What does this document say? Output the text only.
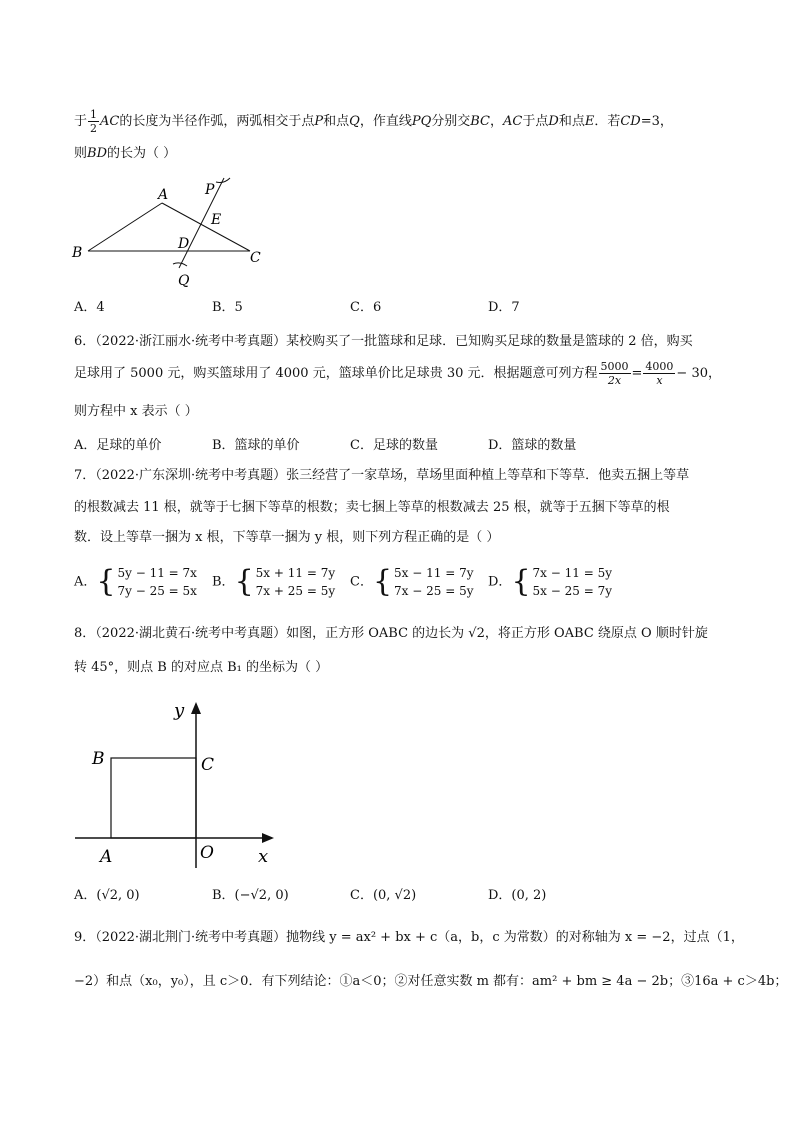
于 $\frac{1}{2}$ AC的长度为半径作弧，两弧相交于点P和点Q，作直线PQ分别交BC，AC于点D和点E．若CD=3，
则BD的长为（ ）
A
B	C
D
E
P
Q
A．4	B．5	C．6	D．7
6．（2022·浙江丽水·统考中考真题）某校购买了一批篮球和足球．已知购买足球的数量是篮球的 2 倍，购买
足球用了 5000 元，购买篮球用了 4000 元，篮球单价比足球贵 30 元．根据题意可列方程 $\frac{5000}{2x} = \frac{4000}{x} - 30$，
则方程中 x 表示（ ）
A．足球的单价	B．篮球的单价	C．足球的数量	D．篮球的数量
7．（2022·广东深圳·统考中考真题）张三经营了一家草场，草场里面种植上等草和下等草．他卖五捆上等草
的根数减去 11 根，就等于七捆下等草的根数；卖七捆上等草的根数减去 25 根，就等于五捆下等草的根
数．设上等草一捆为 x 根，下等草一捆为 y 根，则下列方程正确的是（ ）
A．{ 5y − 11 = 7x
7y − 25 = 5x
B．{ 5x + 11 = 7y
7x + 25 = 5y
C．{ 5x − 11 = 7y
7x − 25 = 5y
D．{ 7x − 11 = 5y
5x − 25 = 7y
8．（2022·湖北黄石·统考中考真题）如图，正方形 OABC 的边长为 √2，将正方形 OABC 绕原点 O 顺时针旋
转 45°，则点 B 的对应点 B₁ 的坐标为（ ）
y
x
B	C
A	O
A．(√2, 0)	B．(−√2, 0)	C．(0, √2)	D．(0, 2)
9．（2022·湖北荆门·统考中考真题）抛物线 y = ax² + bx + c（a，b，c 为常数）的对称轴为 x = −2，过点（1，
−2）和点（x₀，y₀），且 c＞0．有下列结论：①a＜0；②对任意实数 m 都有：am² + bm ≥ 4a − 2b；③16a + c＞4b；
